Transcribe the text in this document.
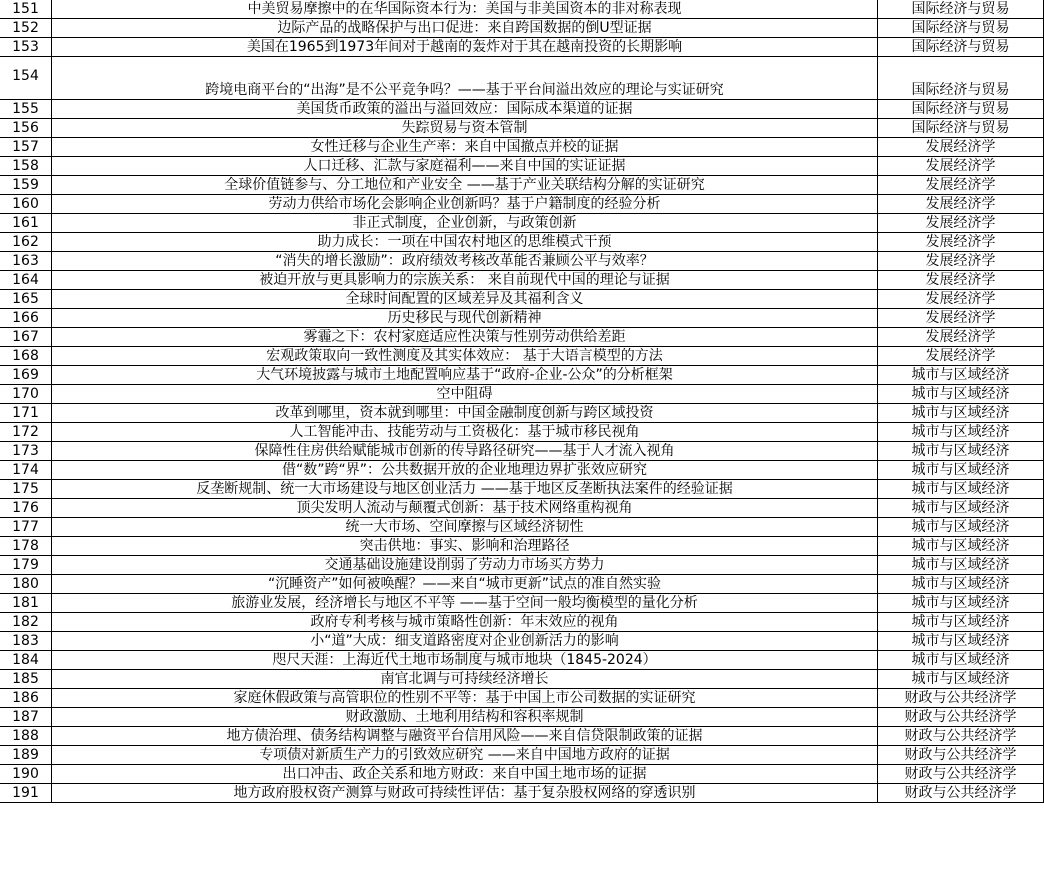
151	中美贸易摩擦中的在华国际资本行为：美国与非美国资本的非对称表现	国际经济与贸易
152	边际产品的战略保护与出口促进：来自跨国数据的倒U型证据	国际经济与贸易
153	美国在1965到1973年间对于越南的轰炸对于其在越南投资的长期影响	国际经济与贸易
154	跨境电商平台的“出海”是不公平竞争吗？——基于平台间溢出效应的理论与实证研究	国际经济与贸易
155	美国货币政策的溢出与溢回效应：国际成本渠道的证据	国际经济与贸易
156	失踪贸易与资本管制	国际经济与贸易
157	女性迁移与企业生产率：来自中国撤点并校的证据	发展经济学
158	人口迁移、汇款与家庭福利——来自中国的实证证据	发展经济学
159	全球价值链参与、分工地位和产业安全 ——基于产业关联结构分解的实证研究	发展经济学
160	劳动力供给市场化会影响企业创新吗？基于户籍制度的经验分析	发展经济学
161	非正式制度，企业创新，与政策创新	发展经济学
162	助力成长：一项在中国农村地区的思维模式干预	发展经济学
163	“消失的增长激励”：政府绩效考核改革能否兼顾公平与效率？	发展经济学
164	被迫开放与更具影响力的宗族关系： 来自前现代中国的理论与证据	发展经济学
165	全球时间配置的区域差异及其福利含义	发展经济学
166	历史移民与现代创新精神	发展经济学
167	雾霾之下：农村家庭适应性决策与性别劳动供给差距	发展经济学
168	宏观政策取向一致性测度及其实体效应： 基于大语言模型的方法	发展经济学
169	大气环境披露与城市土地配置响应基于“政府-企业-公众”的分析框架	城市与区域经济
170	空中阻碍	城市与区域经济
171	改革到哪里，资本就到哪里：中国金融制度创新与跨区域投资	城市与区域经济
172	人工智能冲击、技能劳动与工资极化：基于城市移民视角	城市与区域经济
173	保障性住房供给赋能城市创新的传导路径研究——基于人才流入视角	城市与区域经济
174	借“数”跨“界”：公共数据开放的企业地理边界扩张效应研究	城市与区域经济
175	反垄断规制、统一大市场建设与地区创业活力 ——基于地区反垄断执法案件的经验证据	城市与区域经济
176	顶尖发明人流动与颠覆式创新：基于技术网络重构视角	城市与区域经济
177	统一大市场、空间摩擦与区域经济韧性	城市与区域经济
178	突击供地：事实、影响和治理路径	城市与区域经济
179	交通基础设施建设削弱了劳动力市场买方势力	城市与区域经济
180	“沉睡资产”如何被唤醒？——来自“城市更新”试点的准自然实验	城市与区域经济
181	旅游业发展，经济增长与地区不平等 ——基于空间一般均衡模型的量化分析	城市与区域经济
182	政府专利考核与城市策略性创新：年末效应的视角	城市与区域经济
183	小“道”大成：细支道路密度对企业创新活力的影响	城市与区域经济
184	咫尺天涯：上海近代土地市场制度与城市地块（1845-2024）	城市与区域经济
185	南官北调与可持续经济增长	城市与区域经济
186	家庭休假政策与高管职位的性别不平等：基于中国上市公司数据的实证研究	财政与公共经济学
187	财政激励、土地利用结构和容积率规制	财政与公共经济学
188	地方债治理、债务结构调整与融资平台信用风险——来自信贷限制政策的证据	财政与公共经济学
189	专项债对新质生产力的引致效应研究 ——来自中国地方政府的证据	财政与公共经济学
190	出口冲击、政企关系和地方财政：来自中国土地市场的证据	财政与公共经济学
191	地方政府股权资产测算与财政可持续性评估：基于复杂股权网络的穿透识别	财政与公共经济学
